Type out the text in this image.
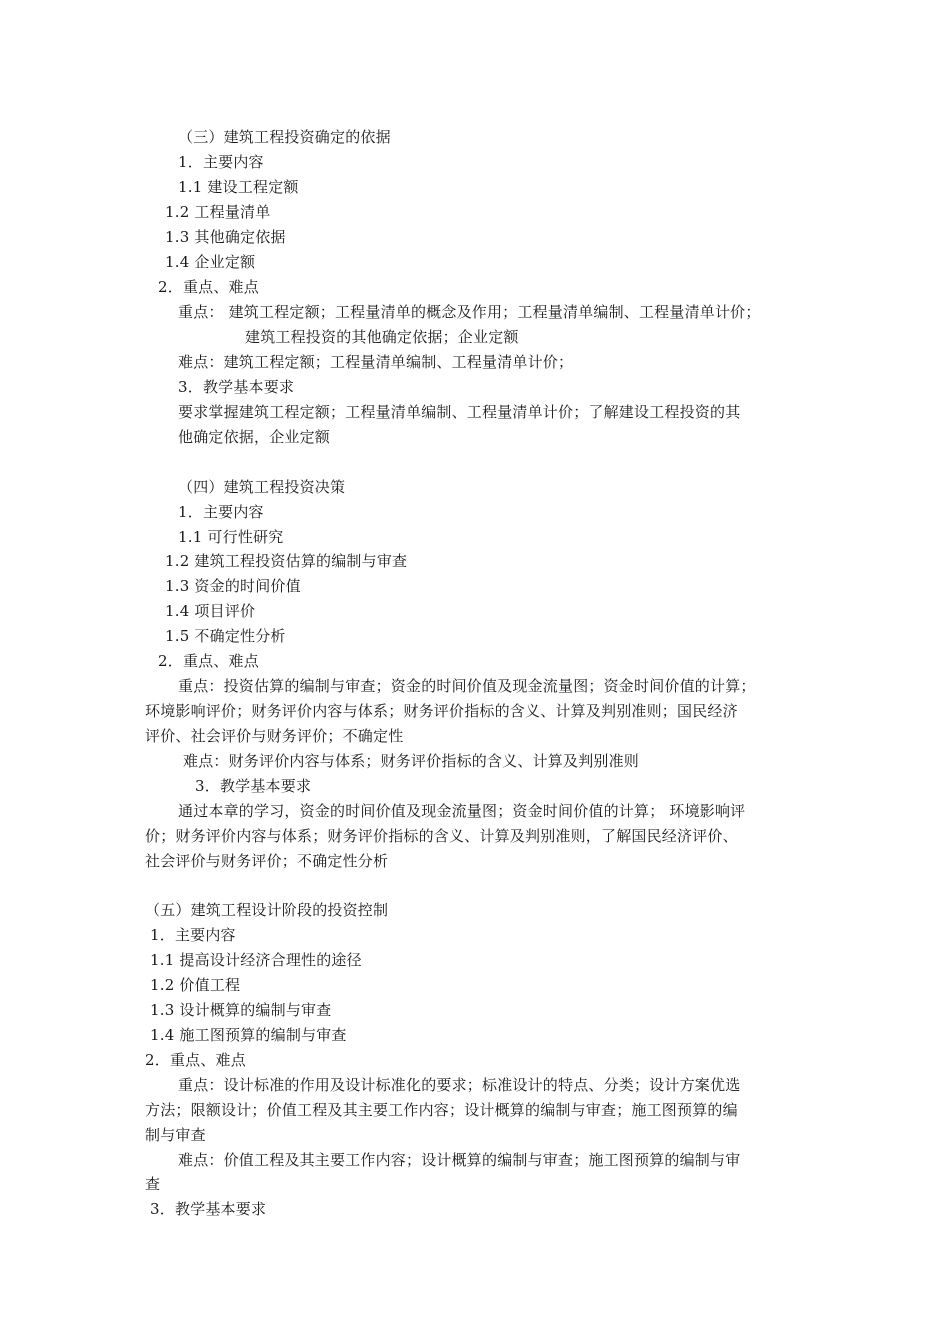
（三）建筑工程投资确定的依据
1．主要内容
1.1 建设工程定额
1.2 工程量清单
1.3 其他确定依据
1.4 企业定额
2．重点、难点
重点： 建筑工程定额；工程量清单的概念及作用；工程量清单编制、工程量清单计价；
建筑工程投资的其他确定依据；企业定额
难点：建筑工程定额；工程量清单编制、工程量清单计价；
3．教学基本要求
要求掌握建筑工程定额；工程量清单编制、工程量清单计价；了解建设工程投资的其
他确定依据，企业定额
（四）建筑工程投资决策
1．主要内容
1.1 可行性研究
1.2 建筑工程投资估算的编制与审查
1.3 资金的时间价值
1.4 项目评价
1.5 不确定性分析
2．重点、难点
重点：投资估算的编制与审查；资金的时间价值及现金流量图；资金时间价值的计算；
环境影响评价；财务评价内容与体系；财务评价指标的含义、计算及判别准则；国民经济
评价、社会评价与财务评价；不确定性
难点：财务评价内容与体系；财务评价指标的含义、计算及判别准则
3．教学基本要求
通过本章的学习，资金的时间价值及现金流量图；资金时间价值的计算； 环境影响评
价；财务评价内容与体系；财务评价指标的含义、计算及判别准则，了解国民经济评价、
社会评价与财务评价；不确定性分析
（五）建筑工程设计阶段的投资控制
1．主要内容
1.1 提高设计经济合理性的途径
1.2 价值工程
1.3 设计概算的编制与审查
1.4 施工图预算的编制与审查
2．重点、难点
重点：设计标准的作用及设计标准化的要求；标准设计的特点、分类；设计方案优选
方法；限额设计；价值工程及其主要工作内容；设计概算的编制与审查；施工图预算的编
制与审查
难点：价值工程及其主要工作内容；设计概算的编制与审查；施工图预算的编制与审
查
3．教学基本要求
